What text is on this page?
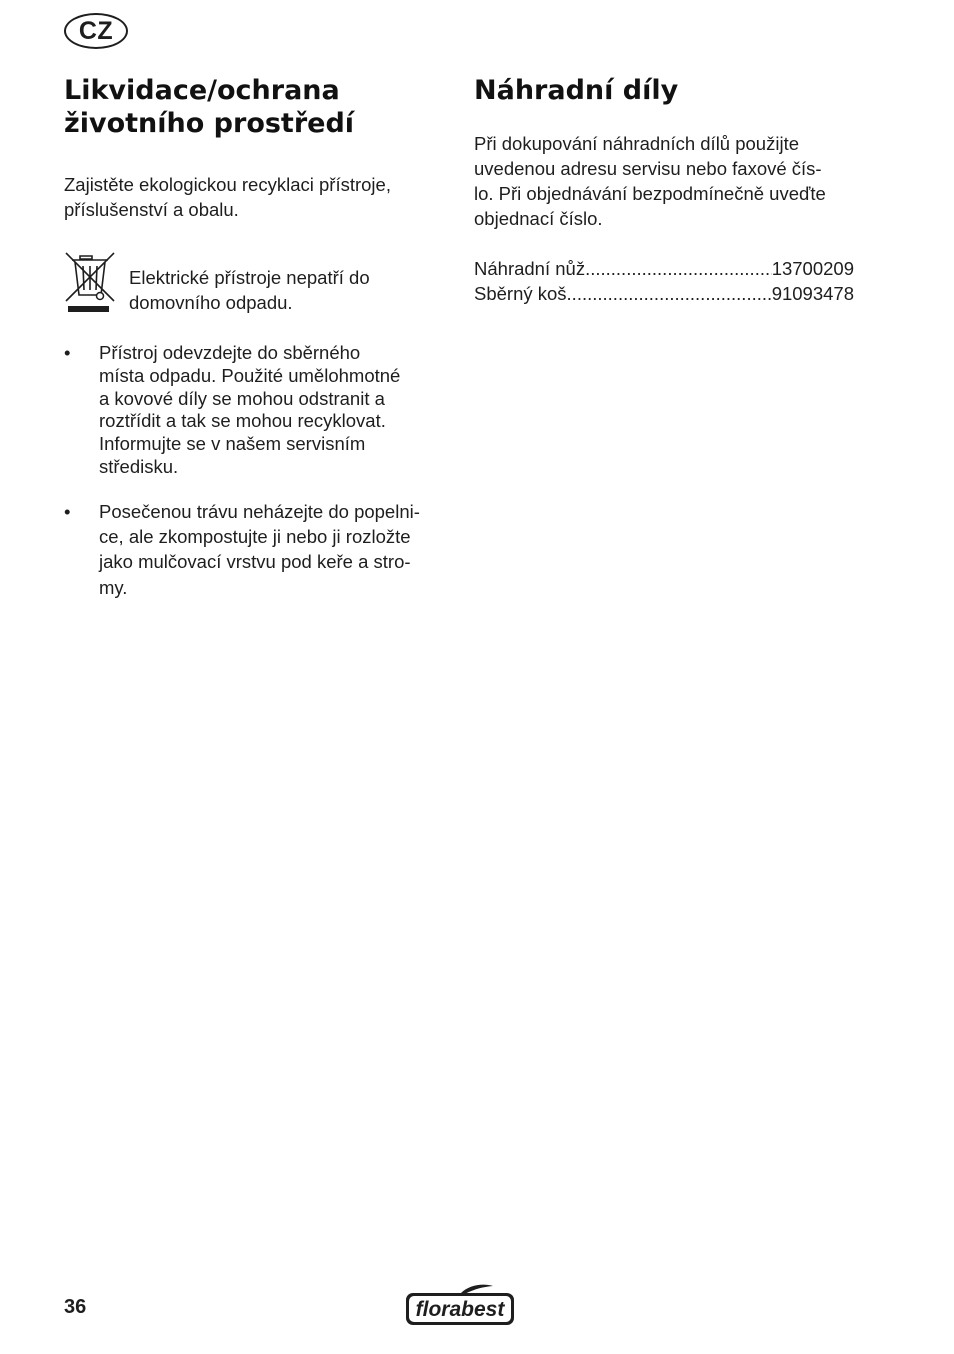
CZ
Likvidace/ochrana
životního prostředí

Zajistěte ekologickou recyklaci přístroje,
příslušenství a obalu.

Elektrické přístroje nepatří do
domovního odpadu.

• Přístroj odevzdejte do sběrného
místa odpadu. Použité umělohmotné
a kovové díly se mohou odstranit a
roztřídit a tak se mohou recyklovat.
Informujte se v našem servisním
středisku.
• Posečenou trávu neházejte do popelni-
ce, ale zkompostujte ji nebo ji rozložte
jako mulčovací vrstvu pod keře a stro-
my.
Náhradní díly

Při dokupování náhradních dílů použijte
uvedenou adresu servisu nebo faxové čís-
lo. Při objednávání bezpodmínečně uveďte
objednací číslo.

Náhradní nůž .....	13700209
Sběrný koš .....	91093478
36	florabest
